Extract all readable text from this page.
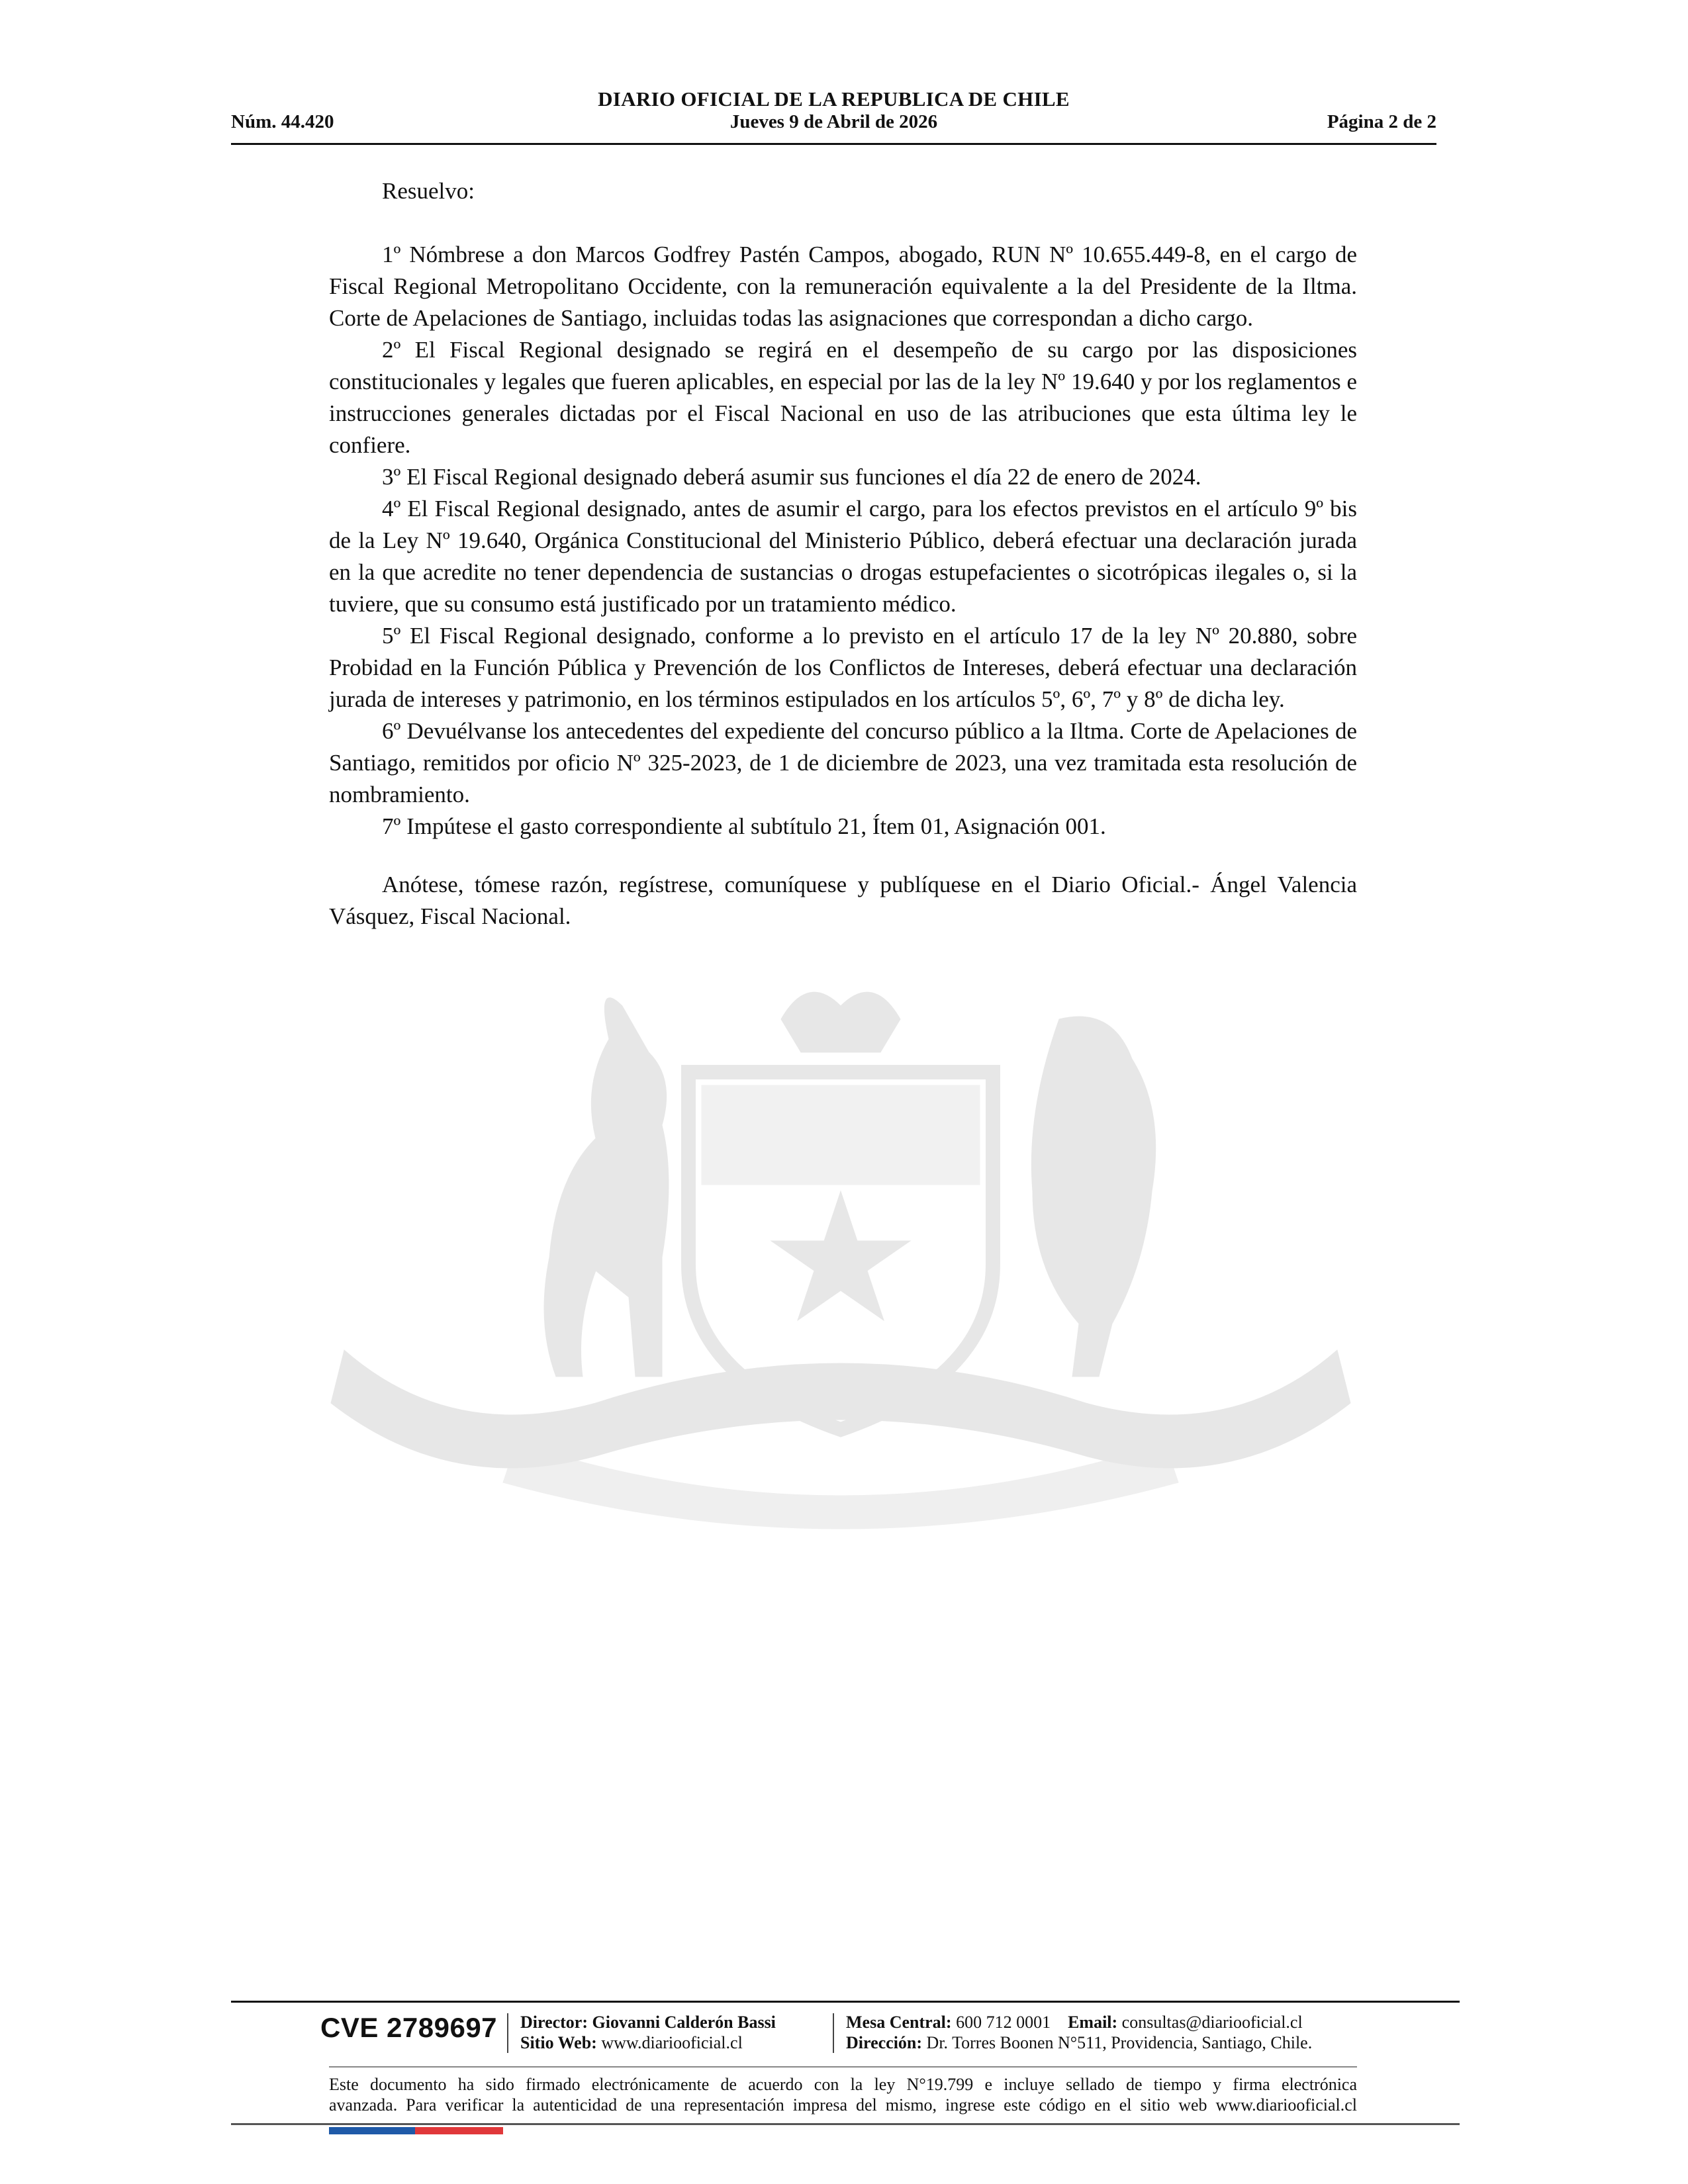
DIARIO OFICIAL DE LA REPUBLICA DE CHILE
Núm. 44.420	Jueves 9 de Abril de 2026	Página 2 de 2

Resuelvo:

1º Nómbrese a don Marcos Godfrey Pastén Campos, abogado, RUN Nº 10.655.449-8, en el cargo de Fiscal Regional Metropolitano Occidente, con la remuneración equivalente a la del Presidente de la Iltma. Corte de Apelaciones de Santiago, incluidas todas las asignaciones que correspondan a dicho cargo.

2º El Fiscal Regional designado se regirá en el desempeño de su cargo por las disposiciones constitucionales y legales que fueren aplicables, en especial por las de la ley Nº 19.640 y por los reglamentos e instrucciones generales dictadas por el Fiscal Nacional en uso de las atribuciones que esta última ley le confiere.

3º El Fiscal Regional designado deberá asumir sus funciones el día 22 de enero de 2024.

4º El Fiscal Regional designado, antes de asumir el cargo, para los efectos previstos en el artículo 9º bis de la Ley Nº 19.640, Orgánica Constitucional del Ministerio Público, deberá efectuar una declaración jurada en la que acredite no tener dependencia de sustancias o drogas estupefacientes o sicotrópicas ilegales o, si la tuviere, que su consumo está justificado por un tratamiento médico.

5º El Fiscal Regional designado, conforme a lo previsto en el artículo 17 de la ley Nº 20.880, sobre Probidad en la Función Pública y Prevención de los Conflictos de Intereses, deberá efectuar una declaración jurada de intereses y patrimonio, en los términos estipulados en los artículos 5º, 6º, 7º y 8º de dicha ley.

6º Devuélvanse los antecedentes del expediente del concurso público a la Iltma. Corte de Apelaciones de Santiago, remitidos por oficio Nº 325-2023, de 1 de diciembre de 2023, una vez tramitada esta resolución de nombramiento.

7º Impútese el gasto correspondiente al subtítulo 21, Ítem 01, Asignación 001.

Anótese, tómese razón, regístrese, comuníquese y publíquese en el Diario Oficial.- Ángel Valencia Vásquez, Fiscal Nacional.

CVE 2789697 Director: Giovanni Calderón Bassi
Sitio Web: www.diariooficial.cl
Mesa Central: 600 712 0001 Email: consultas@diariooficial.cl
Dirección: Dr. Torres Boonen N°511, Providencia, Santiago, Chile.
Este documento ha sido firmado electrónicamente de acuerdo con la ley N°19.799 e incluye sellado de tiempo y firma electrónica
avanzada. Para verificar la autenticidad de una representación impresa del mismo, ingrese este código en el sitio web www.diariooficial.cl
